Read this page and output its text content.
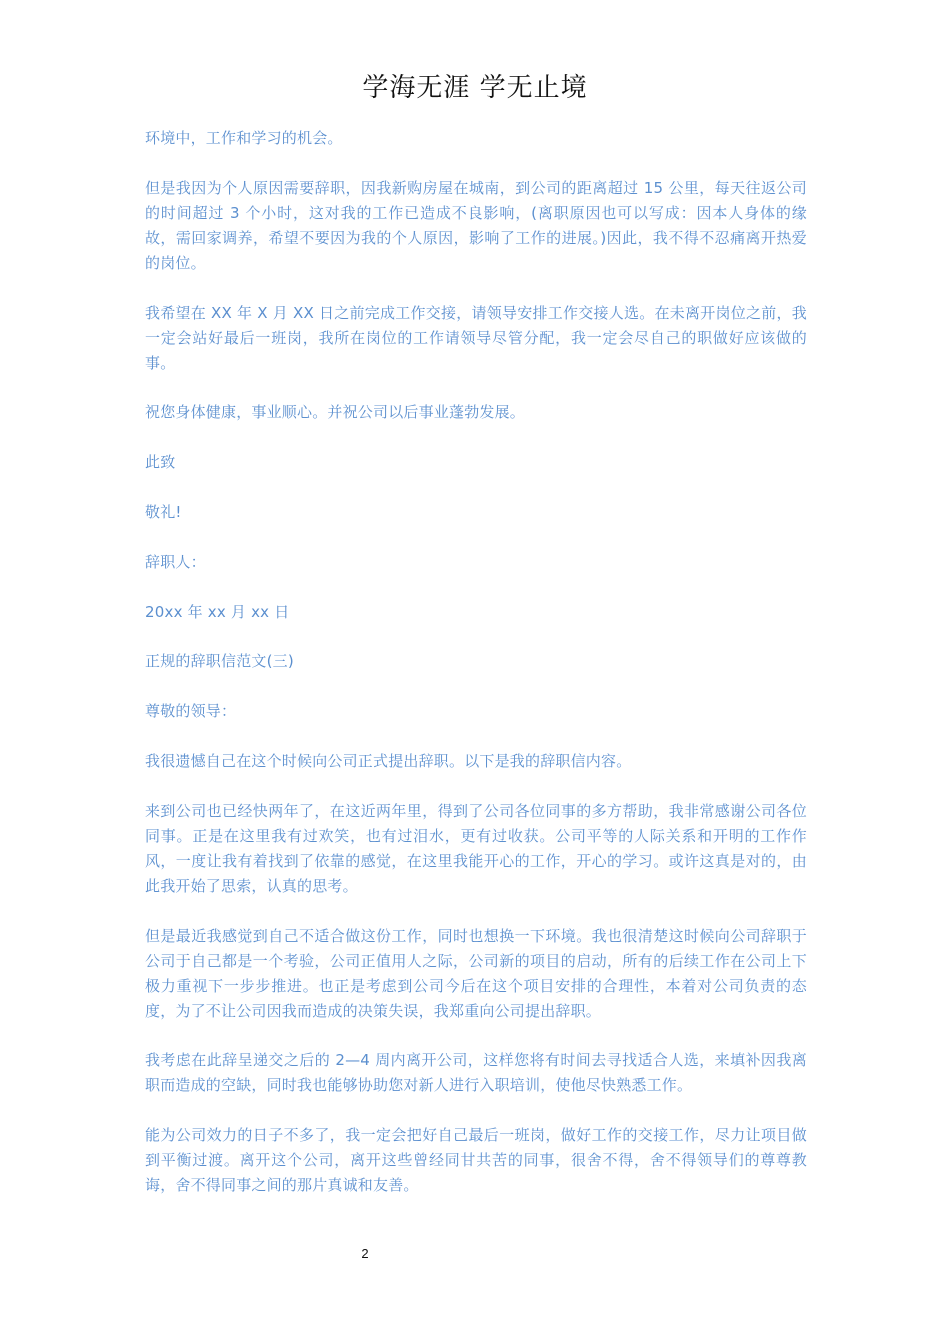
学海无涯 学无止境

环境中，工作和学习的机会。

但是我因为个人原因需要辞职，因我新购房屋在城南，到公司的距离超过 15 公里，每天往返公司的时间超过 3 个小时，这对我的工作已造成不良影响，(离职原因也可以写成：因本人身体的缘故，需回家调养，希望不要因为我的个人原因，影响了工作的进展。)因此，我不得不忍痛离开热爱的岗位。

我希望在 XX 年 X 月 XX 日之前完成工作交接，请领导安排工作交接人选。在未离开岗位之前，我一定会站好最后一班岗，我所在岗位的工作请领导尽管分配，我一定会尽自己的职做好应该做的事。

祝您身体健康，事业顺心。并祝公司以后事业蓬勃发展。

此致

敬礼!

辞职人：

20xx 年 xx 月 xx 日

正规的辞职信范文(三)

尊敬的领导：

我很遗憾自己在这个时候向公司正式提出辞职。以下是我的辞职信内容。

来到公司也已经快两年了，在这近两年里，得到了公司各位同事的多方帮助，我非常感谢公司各位同事。正是在这里我有过欢笑，也有过泪水，更有过收获。公司平等的人际关系和开明的工作作风，一度让我有着找到了依靠的感觉，在这里我能开心的工作，开心的学习。或许这真是对的，由此我开始了思索，认真的思考。

但是最近我感觉到自己不适合做这份工作，同时也想换一下环境。我也很清楚这时候向公司辞职于公司于自己都是一个考验，公司正值用人之际，公司新的项目的启动，所有的后续工作在公司上下极力重视下一步步推进。也正是考虑到公司今后在这个项目安排的合理性，本着对公司负责的态度，为了不让公司因我而造成的决策失误，我郑重向公司提出辞职。

我考虑在此辞呈递交之后的 2—4 周内离开公司，这样您将有时间去寻找适合人选，来填补因我离职而造成的空缺，同时我也能够协助您对新人进行入职培训，使他尽快熟悉工作。

能为公司效力的日子不多了，我一定会把好自己最后一班岗，做好工作的交接工作，尽力让项目做到平衡过渡。离开这个公司，离开这些曾经同甘共苦的同事，很舍不得，舍不得领导们的尊尊教诲，舍不得同事之间的那片真诚和友善。

2
